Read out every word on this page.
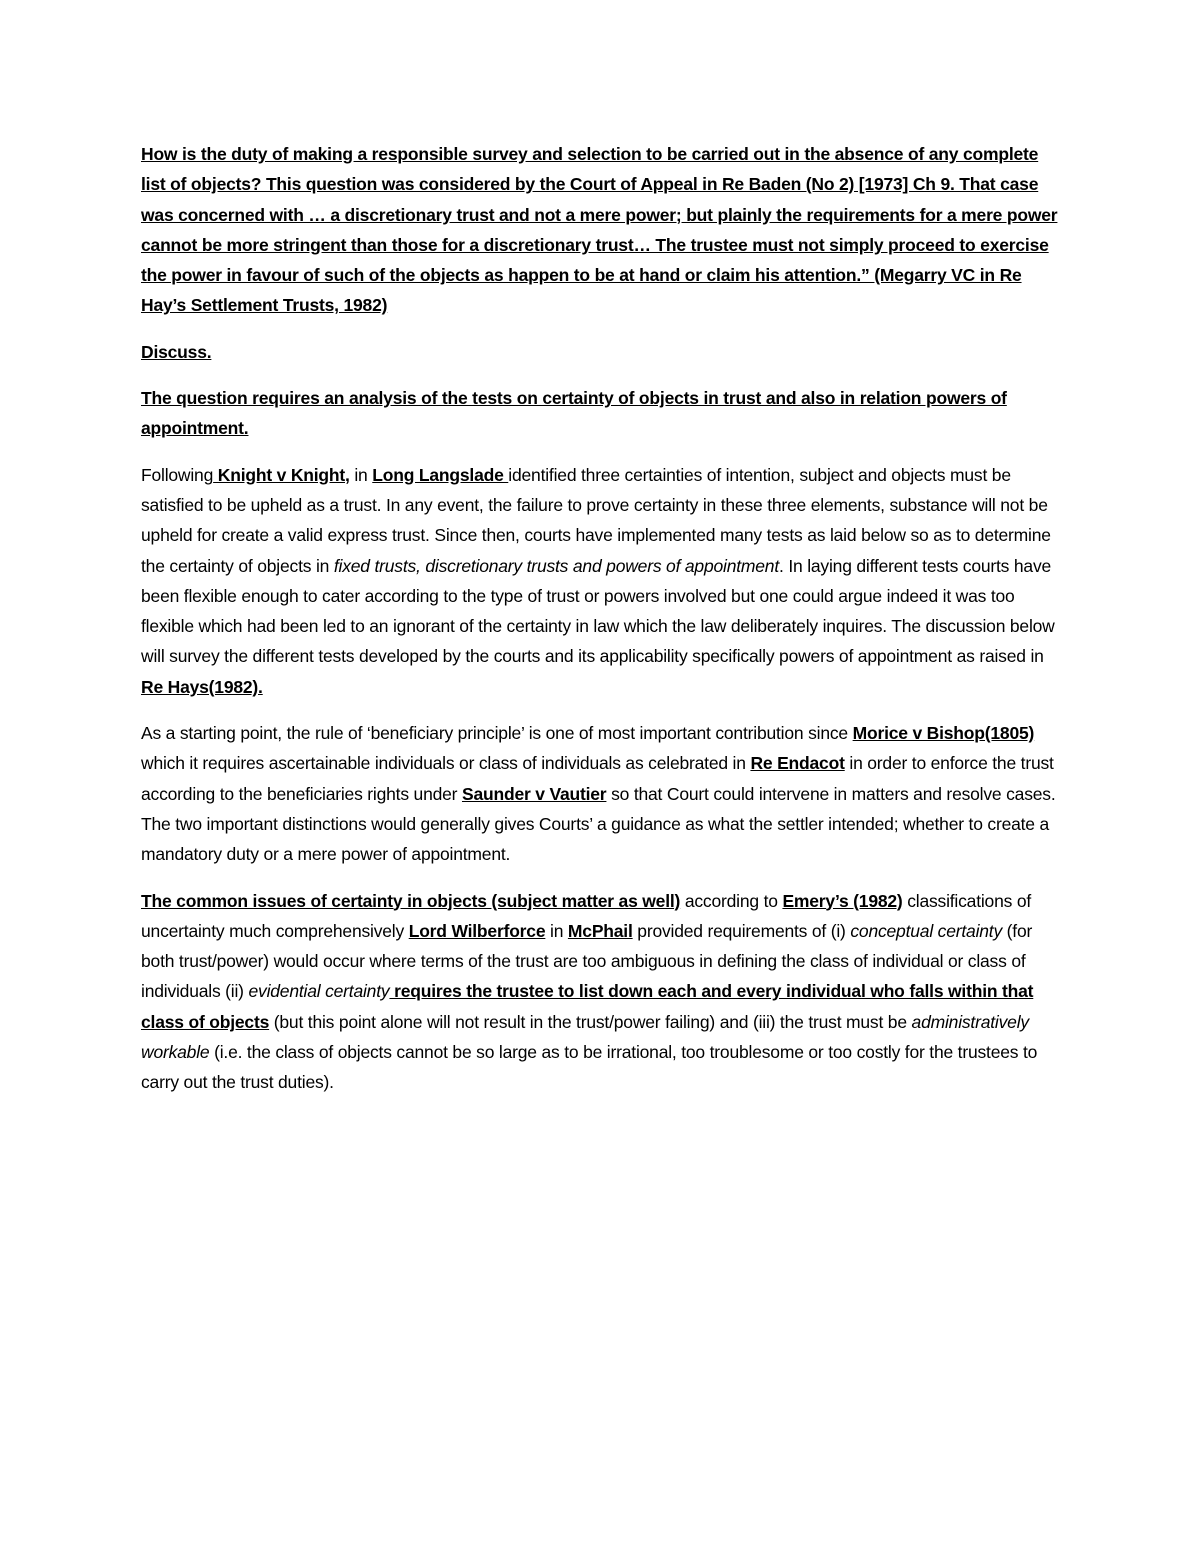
How is the duty of making a responsible survey and selection to be carried out in the absence of any complete list of objects? This question was considered by the Court of Appeal in Re Baden (No 2) [1973] Ch 9. That case was concerned with … a discretionary trust and not a mere power; but plainly the requirements for a mere power cannot be more stringent than those for a discretionary trust… The trustee must not simply proceed to exercise the power in favour of such of the objects as happen to be at hand or claim his attention.” (Megarry VC in Re Hay’s Settlement Trusts, 1982)

Discuss.

The question requires an analysis of the tests on certainty of objects in trust and also in relation powers of appointment.

Following Knight v Knight, in Long Langslade identified three certainties of intention, subject and objects must be satisfied to be upheld as a trust. In any event, the failure to prove certainty in these three elements, substance will not be upheld for create a valid express trust. Since then, courts have implemented many tests as laid below so as to determine the certainty of objects in fixed trusts, discretionary trusts and powers of appointment. In laying different tests courts have been flexible enough to cater according to the type of trust or powers involved but one could argue indeed it was too flexible which had been led to an ignorant of the certainty in law which the law deliberately inquires. The discussion below will survey the different tests developed by the courts and its applicability specifically powers of appointment as raised in Re Hays(1982).

As a starting point, the rule of ‘beneficiary principle’ is one of most important contribution since Morice v Bishop(1805) which it requires ascertainable individuals or class of individuals as celebrated in Re Endacot in order to enforce the trust according to the beneficiaries rights under Saunder v Vautier so that Court could intervene in matters and resolve cases. The two important distinctions would generally gives Courts’ a guidance as what the settler intended; whether to create a mandatory duty or a mere power of appointment.

The common issues of certainty in objects (subject matter as well) according to Emery’s (1982) classifications of uncertainty much comprehensively Lord Wilberforce in McPhail provided requirements of (i) conceptual certainty (for both trust/power) would occur where terms of the trust are too ambiguous in defining the class of individual or class of individuals (ii) evidential certainty requires the trustee to list down each and every individual who falls within that class of objects (but this point alone will not result in the trust/power failing) and (iii) the trust must be administratively workable (i.e. the class of objects cannot be so large as to be irrational, too troublesome or too costly for the trustees to carry out the trust duties).
